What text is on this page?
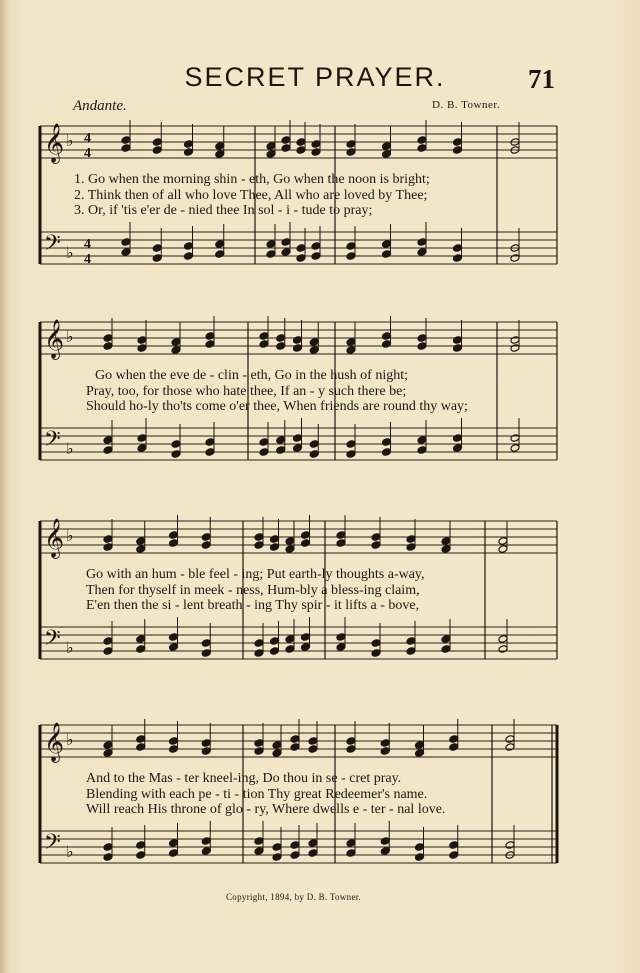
SECRET PRAYER.	71
Andante.	D. B. Towner.
𝄞
𝄢
♭
♭
4
4
4
4
𝄞
𝄢
♭
♭
𝄞
𝄢
♭
♭
𝄞
𝄢
♭
♭
1. Go when the morning shin - eth, Go when the noon is bright;
2. Think then of all who love Thee, All who are loved by Thee;
3. Or, if 'tis e'er de - nied thee In sol - i - tude to pray;
Go when the eve de - clin - eth, Go in the hush of night;
Pray, too, for those who hate thee, If an - y such there be;
Should ho-ly tho'ts come o'er thee, When friends are round thy way;
Go with an hum - ble feel - ing; Put earth-ly thoughts a-way,
Then for thyself in meek - ness, Hum-bly a bless-ing claim,
E'en then the si - lent breath - ing Thy spir - it lifts a - bove,
And to the Mas - ter kneel-ing, Do thou in se - cret pray.
Blending with each pe - ti - tion Thy great Redeemer's name.
Will reach His throne of glo - ry, Where dwells e - ter - nal love.
Copyright, 1894, by D. B. Towner.
